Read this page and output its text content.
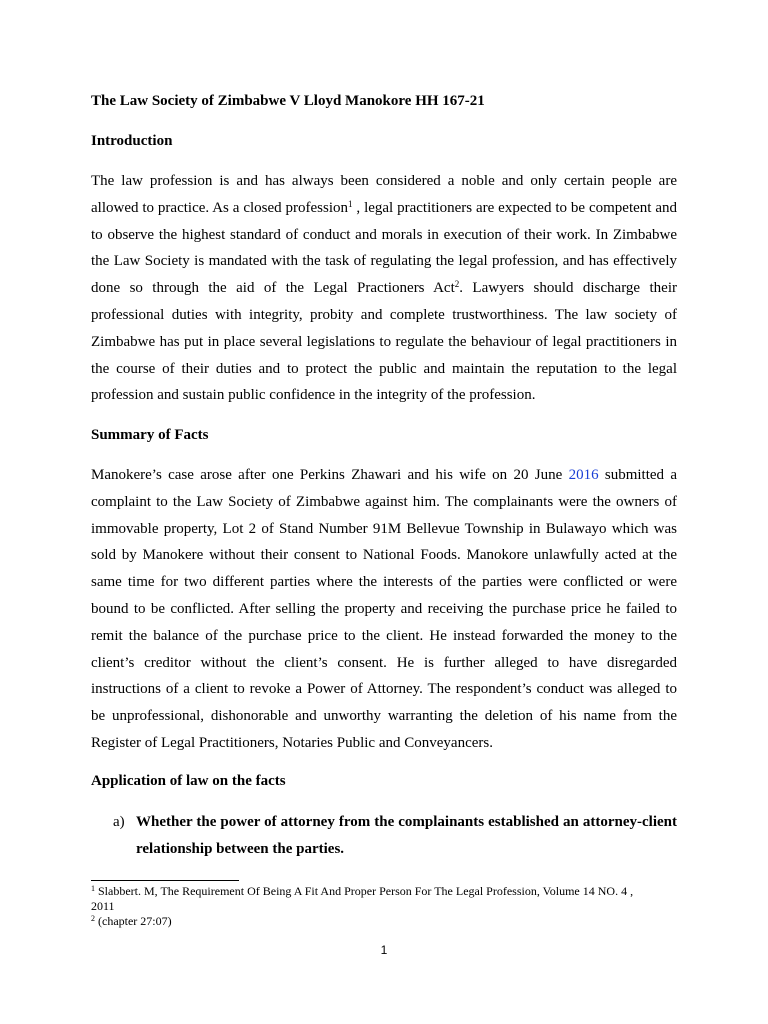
The Law Society of Zimbabwe V Lloyd Manokore HH 167-21
Introduction
The law profession is and has always been considered a noble and only certain people are
allowed to practice. As a closed profession$^1$ , legal practitioners are expected to be competent and
to observe the highest standard of conduct and morals in execution of their work. In Zimbabwe
the Law Society is mandated with the task of regulating the legal profession, and has effectively
done so through the aid of the Legal Practioners Act$^2$. Lawyers should discharge their
professional duties with integrity, probity and complete trustworthiness. The law society of
Zimbabwe has put in place several legislations to regulate the behaviour of legal practitioners in
the course of their duties and to protect the public and maintain the reputation to the legal
profession and sustain public confidence in the integrity of the profession.
Summary of Facts
Manokere’s case arose after one Perkins Zhawari and his wife on 20 June 2016 submitted a
complaint to the Law Society of Zimbabwe against him. The complainants were the owners of
immovable property, Lot 2 of Stand Number 91M Bellevue Township in Bulawayo which was
sold by Manokere without their consent to National Foods. Manokore unlawfully acted at the
same time for two different parties where the interests of the parties were conflicted or were
bound to be conflicted. After selling the property and receiving the purchase price he failed to
remit the balance of the purchase price to the client. He instead forwarded the money to the
client’s creditor without the client’s consent. He is further alleged to have disregarded
instructions of a client to revoke a Power of Attorney. The respondent’s conduct was alleged to
be unprofessional, dishonorable and unworthy warranting the deletion of his name from the
Register of Legal Practitioners, Notaries Public and Conveyancers.
Application of law on the facts
a) Whether the power of attorney from the complainants established an attorney-client
relationship between the parties.
$^1$ Slabbert. M, The Requirement Of Being A Fit And Proper Person For The Legal Profession, Volume 14 NO. 4 ,
2011
$^2$ (chapter 27:07)
1
